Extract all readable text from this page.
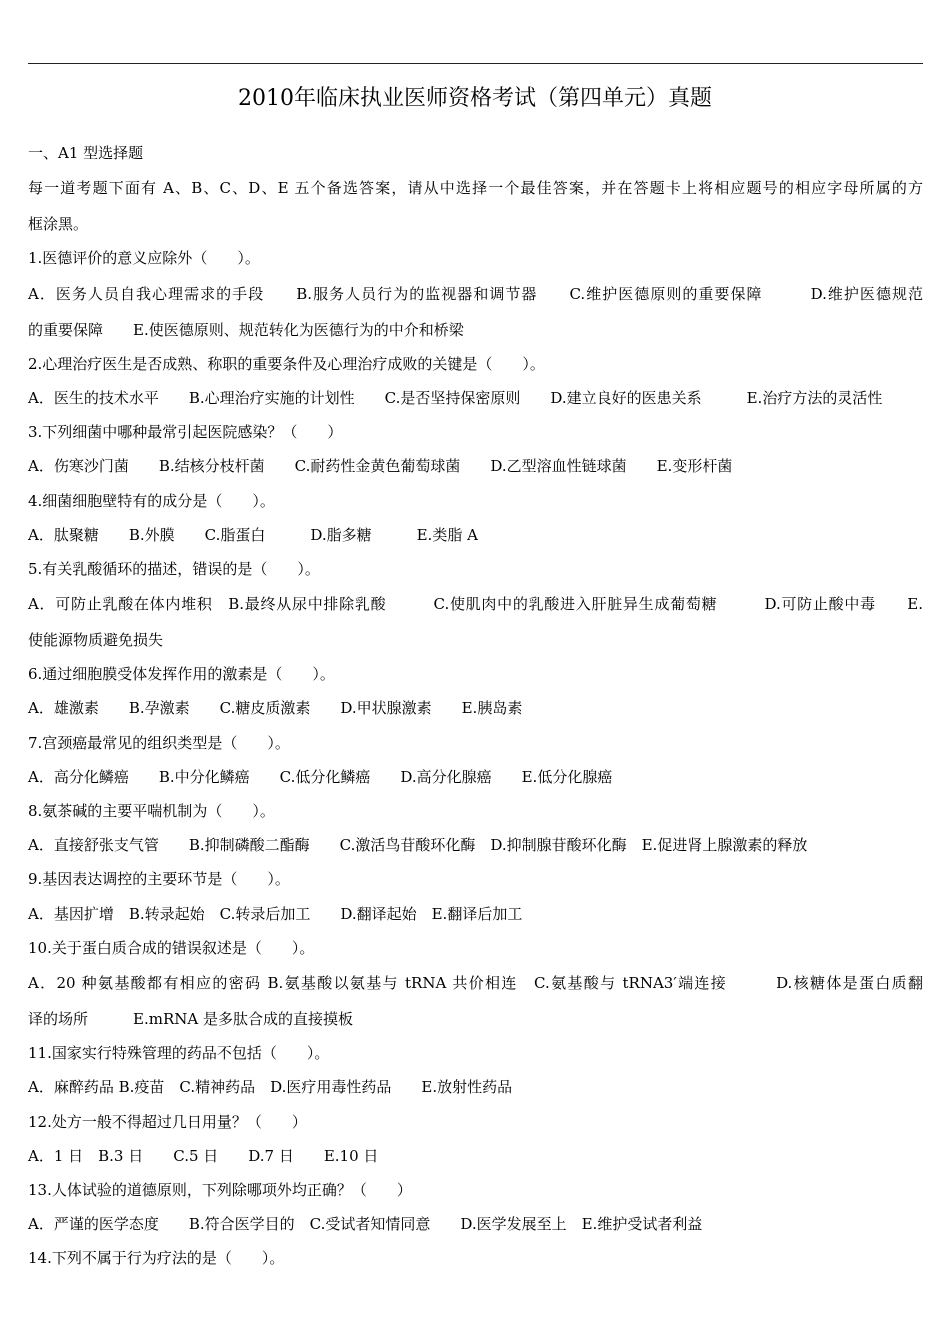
2010年临床执业医师资格考试（第四单元）真题
一、A1 型选择题
每一道考题下面有 A、B、C、D、E 五个备选答案，请从中选择一个最佳答案，并在答题卡上将相应题号的相应字母所属的方
框涂黑。
1.医德评价的意义应除外（　　）。
A．医务人员自我心理需求的手段　　B.服务人员行为的监视器和调节器　　C.维护医德原则的重要保障　　　D.维护医德规范
的重要保障　　E.使医德原则、规范转化为医德行为的中介和桥梁
2.心理治疗医生是否成熟、称职的重要条件及心理治疗成败的关键是（　　）。
A．医生的技术水平　　B.心理治疗实施的计划性　　C.是否坚持保密原则　　D.建立良好的医患关系　　　E.治疗方法的灵活性
3.下列细菌中哪种最常引起医院感染？（　　）
A．伤寒沙门菌　　B.结核分枝杆菌　　C.耐药性金黄色葡萄球菌　　D.乙型溶血性链球菌　　E.变形杆菌
4.细菌细胞壁特有的成分是（　　）。
A．肽聚糖　　B.外膜　　C.脂蛋白　　　D.脂多糖　　　E.类脂 A
5.有关乳酸循环的描述，错误的是（　　）。
A．可防止乳酸在体内堆积　B.最终从尿中排除乳酸　　　C.使肌肉中的乳酸进入肝脏异生成葡萄糖　　　D.可防止酸中毒　　E.
使能源物质避免损失
6.通过细胞膜受体发挥作用的激素是（　　）。
A．雄激素　　B.孕激素　　C.糖皮质激素　　D.甲状腺激素　　E.胰岛素
7.宫颈癌最常见的组织类型是（　　）。
A．高分化鳞癌　　B.中分化鳞癌　　C.低分化鳞癌　　D.高分化腺癌　　E.低分化腺癌
8.氨茶碱的主要平喘机制为（　　）。
A．直接舒张支气管　　B.抑制磷酸二酯酶　　C.激活鸟苷酸环化酶　D.抑制腺苷酸环化酶　E.促进肾上腺激素的释放
9.基因表达调控的主要环节是（　　）。
A．基因扩增　B.转录起始　C.转录后加工　　D.翻译起始　E.翻译后加工
10.关于蛋白质合成的错误叙述是（　　）。
A．20 种氨基酸都有相应的密码 B.氨基酸以氨基与 tRNA 共价相连　C.氨基酸与 tRNA3′端连接　　　D.核糖体是蛋白质翻
译的场所　　　E.mRNA 是多肽合成的直接摸板
11.国家实行特殊管理的药品不包括（　　）。
A．麻醉药品 B.疫苗　C.精神药品　D.医疗用毒性药品　　E.放射性药品
12.处方一般不得超过几日用量？（　　）
A．1 日　B.3 日　　C.5 日　　D.7 日　　E.10 日
13.人体试验的道德原则，下列除哪项外均正确？（　　）
A．严谨的医学态度　　B.符合医学目的　C.受试者知情同意　　D.医学发展至上　E.维护受试者利益
14.下列不属于行为疗法的是（　　）。
